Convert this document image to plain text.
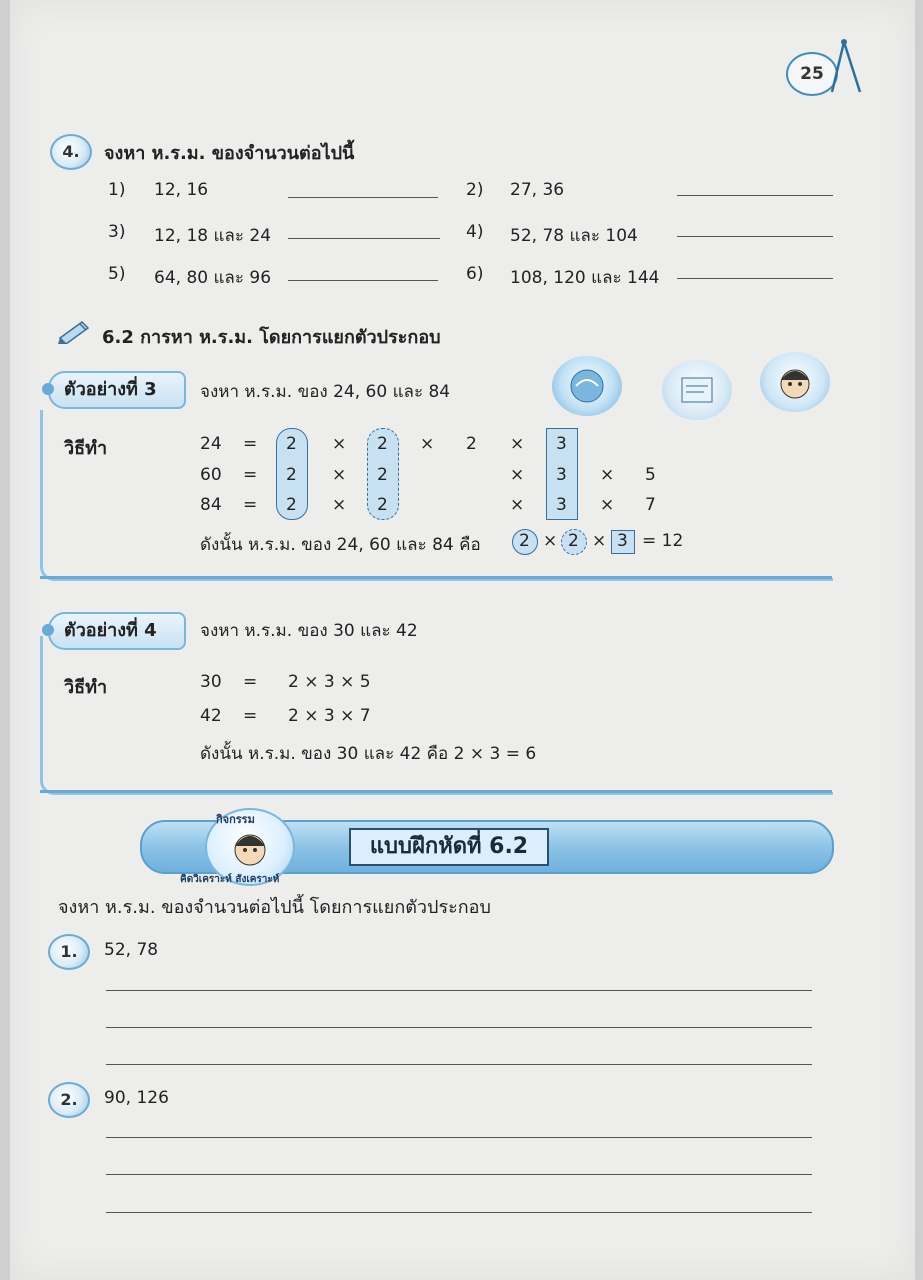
25
4.	จงหา ห.ร.ม. ของจำนวนต่อไปนี้
1) 12, 16	2) 27, 36
3) 12, 18 และ 24	4) 52, 78 และ 104
5) 64, 80 และ 96	6) 108, 120 และ 144
6.2 การหา ห.ร.ม. โดยการแยกตัวประกอบ
ตัวอย่างที่ 3	จงหา ห.ร.ม. ของ 24, 60 และ 84
วิธีทำ	24 = 2 × 2 × 2 × 3
60 = 2 × 2	× 3 × 5
84 = 2 × 2	× 3 × 7
ดังนั้น ห.ร.ม. ของ 24, 60 และ 84 คือ 2 × 2 × 3 = 12
ตัวอย่างที่ 4	จงหา ห.ร.ม. ของ 30 และ 42
วิธีทำ	30 = 2 × 3 × 5
42 = 2 × 3 × 7
ดังนั้น ห.ร.ม. ของ 30 และ 42 คือ 2 × 3 = 6
แบบฝึกหัดที่ 6.2
กิจกรรม
คิดวิเคราะห์ สังเคราะห์
จงหา ห.ร.ม. ของจำนวนต่อไปนี้ โดยการแยกตัวประกอบ
1.	52, 78
2.	90, 126
